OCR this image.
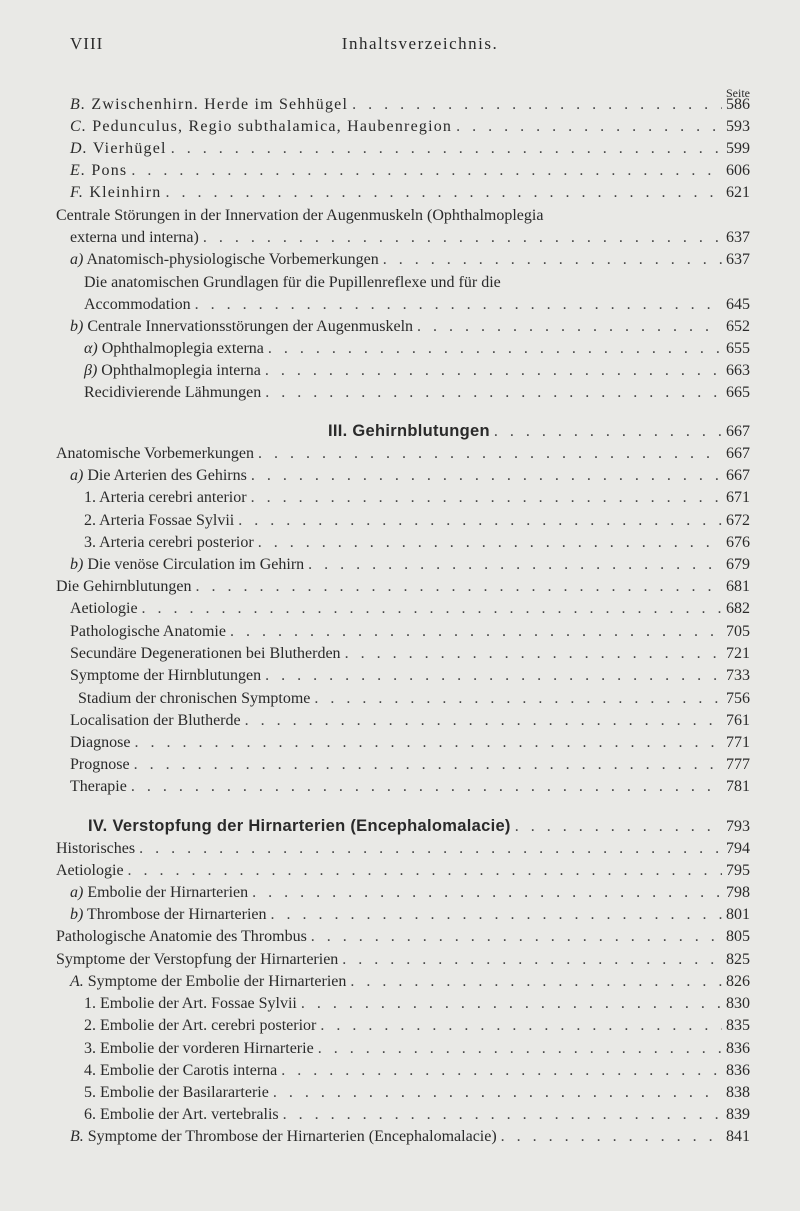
VIII	Inhaltsverzeichnis.
Seite
B. Zwischenhirn. Herde im Sehhügel . . .	586
C. Pedunculus, Regio subthalamica, Haubenregion . . .	593
D. Vierhügel . . .	599
E. Pons . . .	606
F. Kleinhirn . . .	621
Centrale Störungen in der Innervation der Augenmuskeln (Ophthalmoplegia
externa und interna) . . .	637
a) Anatomisch-physiologische Vorbemerkungen . . .	637
Die anatomischen Grundlagen für die Pupillenreflexe und für die
Accommodation . . .	645
b) Centrale Innervationsstörungen der Augenmuskeln . . .	652
α) Ophthalmoplegia externa . . .	655
β) Ophthalmoplegia interna . . .	663
Recidivierende Lähmungen . . .	665
III. Gehirnblutungen . . .	667
Anatomische Vorbemerkungen . . .	667
a) Die Arterien des Gehirns . . .	667
1. Arteria cerebri anterior . . .	671
2. Arteria Fossae Sylvii . . .	672
3. Arteria cerebri posterior . . .	676
b) Die venöse Circulation im Gehirn . . .	679
Die Gehirnblutungen . . .	681
Aetiologie . . .	682
Pathologische Anatomie . . .	705
Secundäre Degenerationen bei Blutherden . . .	721
Symptome der Hirnblutungen . . .	733
Stadium der chronischen Symptome . . .	756
Localisation der Blutherde . . .	761
Diagnose . . .	771
Prognose . . .	777
Therapie . . .	781
IV. Verstopfung der Hirnarterien (Encephalomalacie) . . .	793
Historisches . . .	794
Aetiologie . . .	795
a) Embolie der Hirnarterien . . .	798
b) Thrombose der Hirnarterien . . .	801
Pathologische Anatomie des Thrombus . . .	805
Symptome der Verstopfung der Hirnarterien . . .	825
A. Symptome der Embolie der Hirnarterien . . .	826
1. Embolie der Art. Fossae Sylvii . . .	830
2. Embolie der Art. cerebri posterior . . .	835
3. Embolie der vorderen Hirnarterie . . .	836
4. Embolie der Carotis interna . . .	836
5. Embolie der Basilararterie . . .	838
6. Embolie der Art. vertebralis . . .	839
B. Symptome der Thrombose der Hirnarterien (Encephalomalacie) . . .	841
